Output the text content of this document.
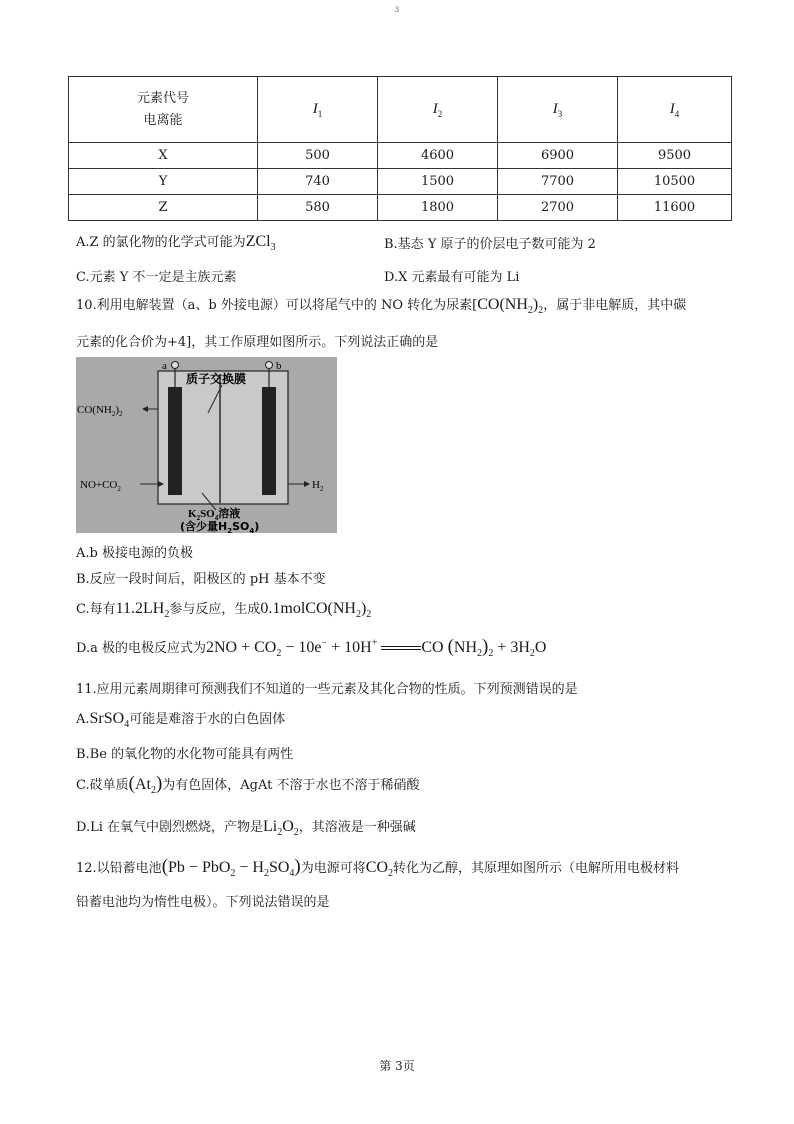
3
元素代号
电离能	$I_1$	$I_2$	$I_3$	$I_4$
X	500	4600	6900	9500
Y	740	1500	7700	10500
Z	580	1800	2700	11600
A.Z 的氯化物的化学式可能为ZCl$_3$	B.基态 Y 原子的价层电子数可能为 2
C.元素 Y 不一定是主族元素	D.X 元素最有可能为 Li
10.利用电解装置（a、b 外接电源）可以将尾气中的 NO 转化为尿素[$CO(NH_2)_2$，属于非电解质，其中碳
元素的化合价为+4]，其工作原理如图所示。下列说法正确的是
a	b
质子交换膜
$CO(NH_2)_2$
$NO+CO_2$	$H_2$
$K_2SO_4$溶液
(含少量$H_2SO_4$)
A.b 极接电源的负极
B.反应一段时间后，阳极区的 pH 基本不变
C.每有$11.2LH_2$参与反应，生成$0.1molCO(NH_2)_2$
D.a 极的电极反应式为$2NO + CO_2 - 10e^- + 10H^+$	CO $(NH_2)_2 + 3H_2O$
11.应用元素周期律可预测我们不知道的一些元素及其化合物的性质。下列预测错误的是
A.SrSO$_4$可能是难溶于水的白色固体
B.Be 的氧化物的水化物可能具有两性
C.砹单质$(At_2)$为有色固体，AgAt 不溶于水也不溶于稀硝酸
D.Li 在氧气中剧烈燃烧，产物是$Li_2O_2$，其溶液是一种强碱
12.以铅蓄电池$(Pb - PbO_2 - H_2SO_4)$为电源可将$CO_2$转化为乙醇，其原理如图所示（电解所用电极材料
铅蓄电池均为惰性电极）。下列说法错误的是
第 3页
